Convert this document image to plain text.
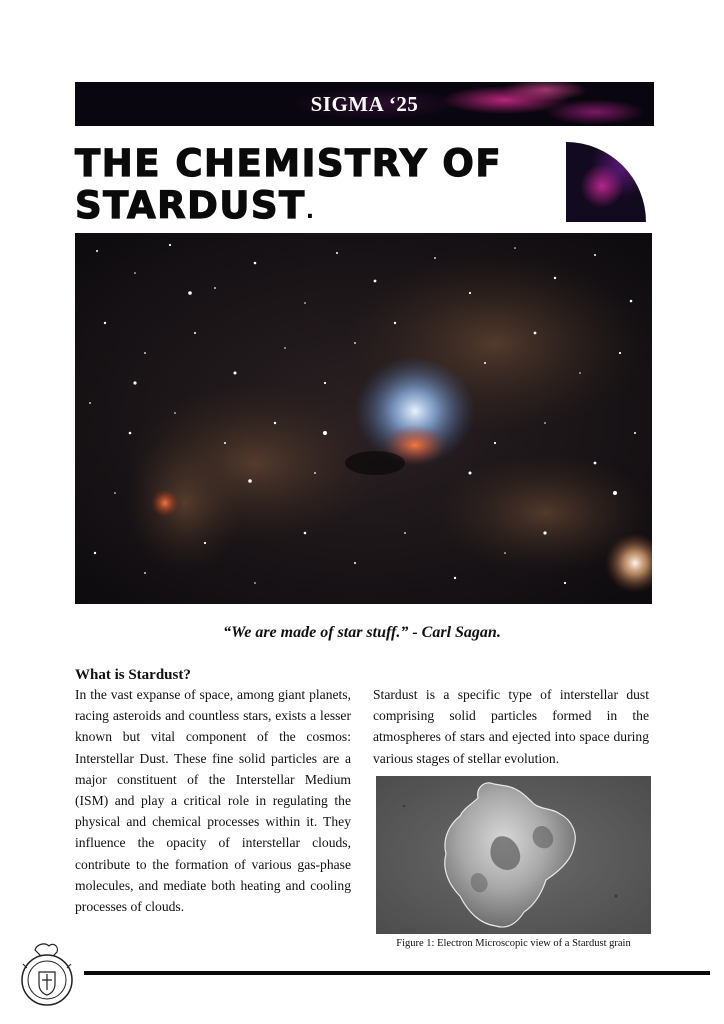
SIGMA ‘25
THE CHEMISTRY OF STARDUST.
“We are made of star stuff.” - Carl Sagan.
What is Stardust?

In the vast expanse of space, among giant planets, racing asteroids and countless stars, exists a lesser known but vital component of the cosmos: Interstellar Dust. These fine solid particles are a major constituent of the Interstellar Medium (ISM) and play a critical role in regulating the physical and chemical processes within it. They influence the opacity of interstellar clouds, contribute to the formation of various gas-phase molecules, and mediate both heating and cooling processes of clouds.

Stardust is a specific type of interstellar dust comprising solid particles formed in the atmospheres of stars and ejected into space during various stages of stellar evolution.

Figure 1: Electron Microscopic view of a Stardust grain
